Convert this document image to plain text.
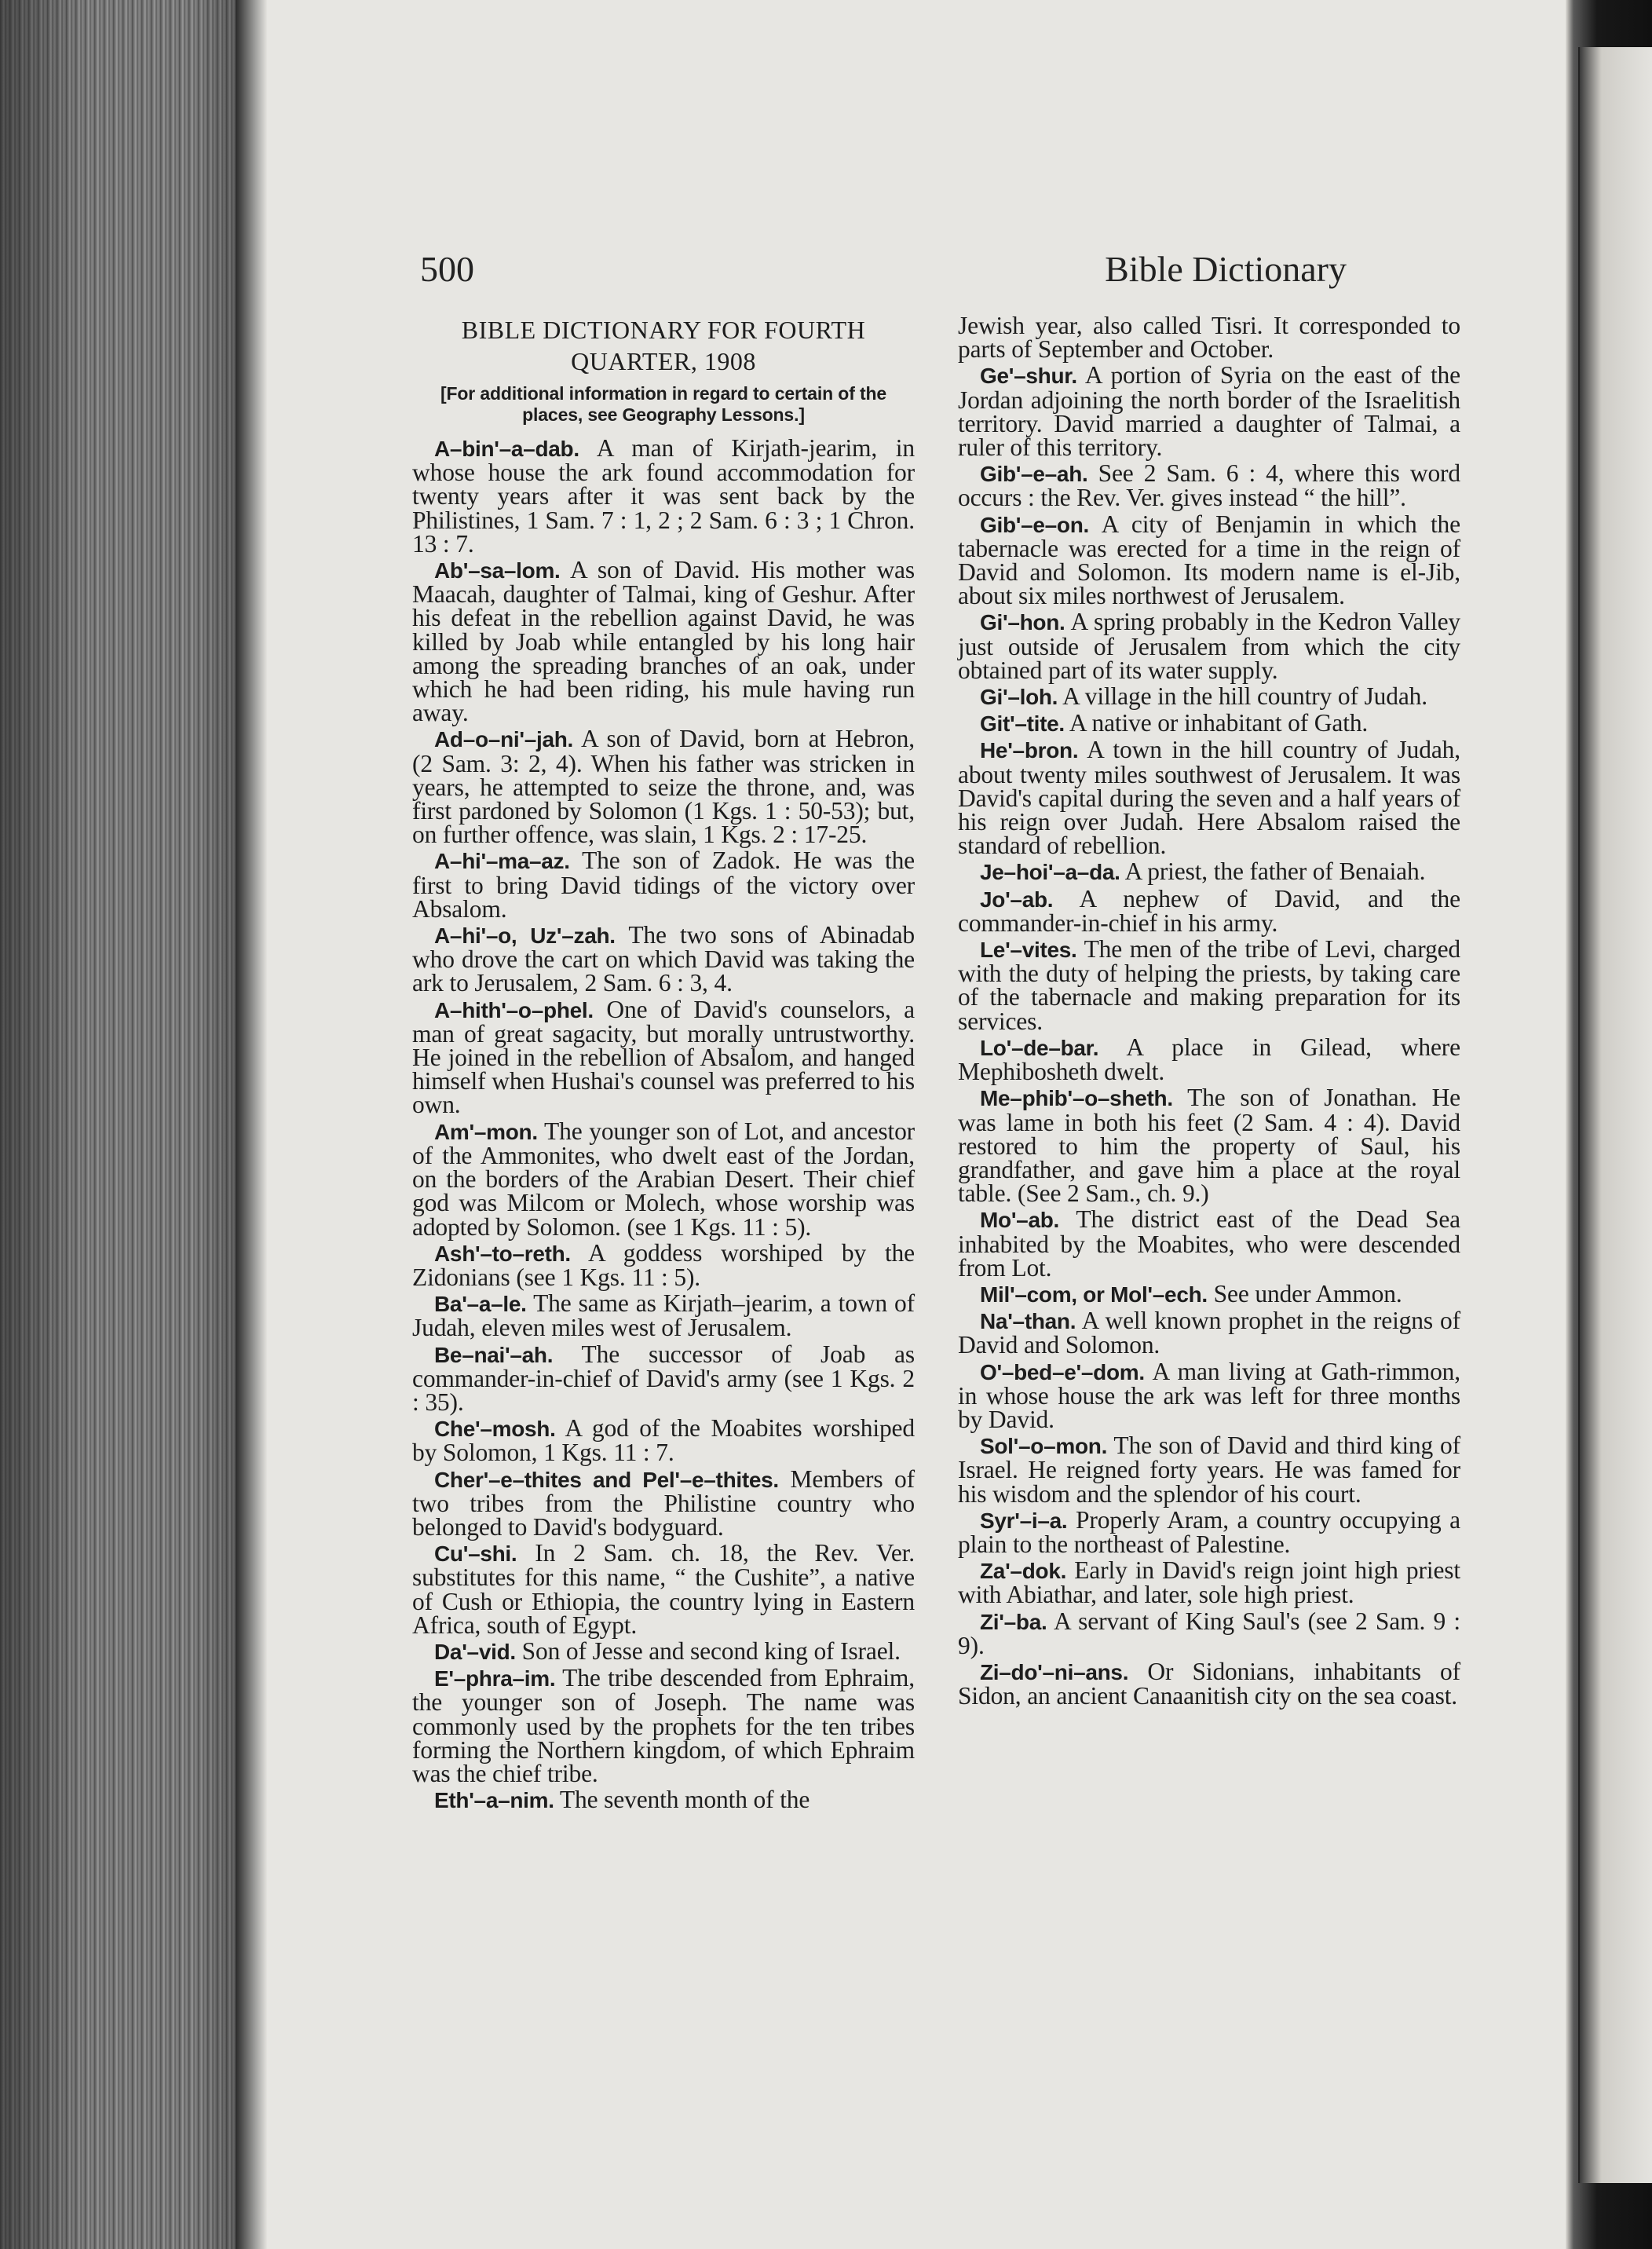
500	Bible Dictionary
BIBLE DICTIONARY FOR FOURTH
QUARTER, 1908
[For additional information in regard to certain of the places, see Geography Lessons.]

A–bin'–a–dab. A man of Kirjath-jearim, in whose house the ark found accommodation for twenty years after it was sent back by the Philistines, 1 Sam. 7 : 1, 2 ; 2 Sam. 6 : 3 ; 1 Chron. 13 : 7.

Ab'–sa–lom. A son of David. His mother was Maacah, daughter of Talmai, king of Geshur. After his defeat in the rebellion against David, he was killed by Joab while entangled by his long hair among the spreading branches of an oak, under which he had been riding, his mule having run away.

Ad–o–ni'–jah. A son of David, born at Hebron, (2 Sam. 3: 2, 4). When his father was stricken in years, he attempted to seize the throne, and, was first pardoned by Solomon (1 Kgs. 1 : 50-53); but, on further offence, was slain, 1 Kgs. 2 : 17-25.

A–hi'–ma–az. The son of Zadok. He was the first to bring David tidings of the victory over Absalom.

A–hi'–o, Uz'–zah. The two sons of Abinadab who drove the cart on which David was taking the ark to Jerusalem, 2 Sam. 6 : 3, 4.

A–hith'–o–phel. One of David's counselors, a man of great sagacity, but morally untrustworthy. He joined in the rebellion of Absalom, and hanged himself when Hushai's counsel was preferred to his own.

Am'–mon. The younger son of Lot, and ancestor of the Ammonites, who dwelt east of the Jordan, on the borders of the Arabian Desert. Their chief god was Milcom or Molech, whose worship was adopted by Solomon. (see 1 Kgs. 11 : 5).

Ash'–to–reth. A goddess worshiped by the Zidonians (see 1 Kgs. 11 : 5).

Ba'–a–le. The same as Kirjath–jearim, a town of Judah, eleven miles west of Jerusalem.

Be–nai'–ah. The successor of Joab as commander-in-chief of David's army (see 1 Kgs. 2 : 35).

Che'–mosh. A god of the Moabites worshiped by Solomon, 1 Kgs. 11 : 7.

Cher'–e–thites and Pel'–e–thites. Members of two tribes from the Philistine country who belonged to David's bodyguard.

Cu'–shi. In 2 Sam. ch. 18, the Rev. Ver. substitutes for this name, “ the Cushite”, a native of Cush or Ethiopia, the country lying in Eastern Africa, south of Egypt.

Da'–vid. Son of Jesse and second king of Israel.

E'–phra–im. The tribe descended from Ephraim, the younger son of Joseph. The name was commonly used by the prophets for the ten tribes forming the Northern kingdom, of which Ephraim was the chief tribe.

Eth'–a–nim. The seventh month of the

Jewish year, also called Tisri. It corresponded to parts of September and October.

Ge'–shur. A portion of Syria on the east of the Jordan adjoining the north border of the Israelitish territory. David married a daughter of Talmai, a ruler of this territory.

Gib'–e–ah. See 2 Sam. 6 : 4, where this word occurs : the Rev. Ver. gives instead “ the hill”.

Gib'–e–on. A city of Benjamin in which the tabernacle was erected for a time in the reign of David and Solomon. Its modern name is el-Jib, about six miles northwest of Jerusalem.

Gi'–hon. A spring probably in the Kedron Valley just outside of Jerusalem from which the city obtained part of its water supply.

Gi'–loh. A village in the hill country of Judah.

Git'–tite. A native or inhabitant of Gath.

He'–bron. A town in the hill country of Judah, about twenty miles southwest of Jerusalem. It was David's capital during the seven and a half years of his reign over Judah. Here Absalom raised the standard of rebellion.

Je–hoi'–a–da. A priest, the father of Benaiah.

Jo'–ab. A nephew of David, and the commander-in-chief in his army.

Le'–vites. The men of the tribe of Levi, charged with the duty of helping the priests, by taking care of the tabernacle and making preparation for its services.

Lo'–de–bar. A place in Gilead, where Mephibosheth dwelt.

Me–phib'–o–sheth. The son of Jonathan. He was lame in both his feet (2 Sam. 4 : 4). David restored to him the property of Saul, his grandfather, and gave him a place at the royal table. (See 2 Sam., ch. 9.)

Mo'–ab. The district east of the Dead Sea inhabited by the Moabites, who were descended from Lot.

Mil'–com, or Mol'–ech. See under Ammon.

Na'–than. A well known prophet in the reigns of David and Solomon.

O'–bed–e'–dom. A man living at Gath-rimmon, in whose house the ark was left for three months by David.

Sol'–o–mon. The son of David and third king of Israel. He reigned forty years. He was famed for his wisdom and the splendor of his court.

Syr'–i–a. Properly Aram, a country occupying a plain to the northeast of Palestine.

Za'–dok. Early in David's reign joint high priest with Abiathar, and later, sole high priest.

Zi'–ba. A servant of King Saul's (see 2 Sam. 9 : 9).

Zi–do'–ni–ans. Or Sidonians, inhabitants of Sidon, an ancient Canaanitish city on the sea coast.
